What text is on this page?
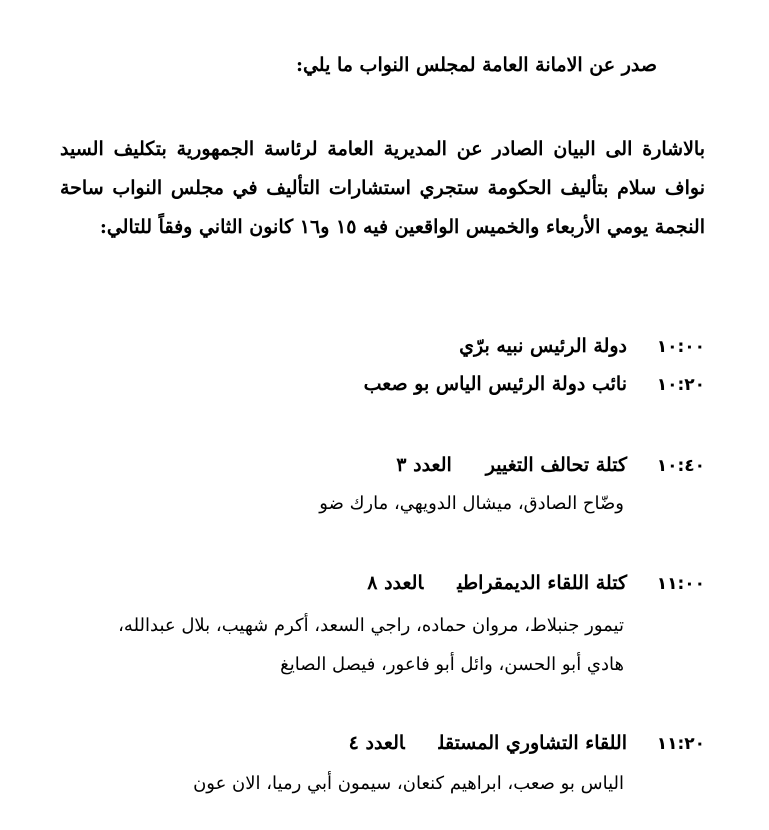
صدر عن الامانة العامة لمجلس النواب ما يلي:
بالاشارة الى البيان الصادر عن المديرية العامة لرئاسة الجمهورية بتكليف السيد نواف سلام بتأليف الحكومة ستجري استشارات التأليف في مجلس النواب ساحة النجمة يومي الأربعاء والخميس الواقعين فيه ١٥ و١٦ كانون الثاني وفقاً للتالي:
١٠:٠٠دولة الرئيس نبيه برّي
١٠:٢٠نائب دولة الرئيس الياس بو صعب
١٠:٤٠كتلة تحالف التغييرالعدد ٣
وضّاح الصادق، ميشال الدويهي، مارك ضو
١١:٠٠كتلة اللقاء الديمقراطيالعدد ٨
تيمور جنبلاط، مروان حماده، راجي السعد، أكرم شهيب، بلال عبدالله،
هادي أبو الحسن، وائل أبو فاعور، فيصل الصايغ
١١:٢٠اللقاء التشاوري المستقلالعدد ٤
الياس بو صعب، ابراهيم كنعان، سيمون أبي رميا، الان عون
